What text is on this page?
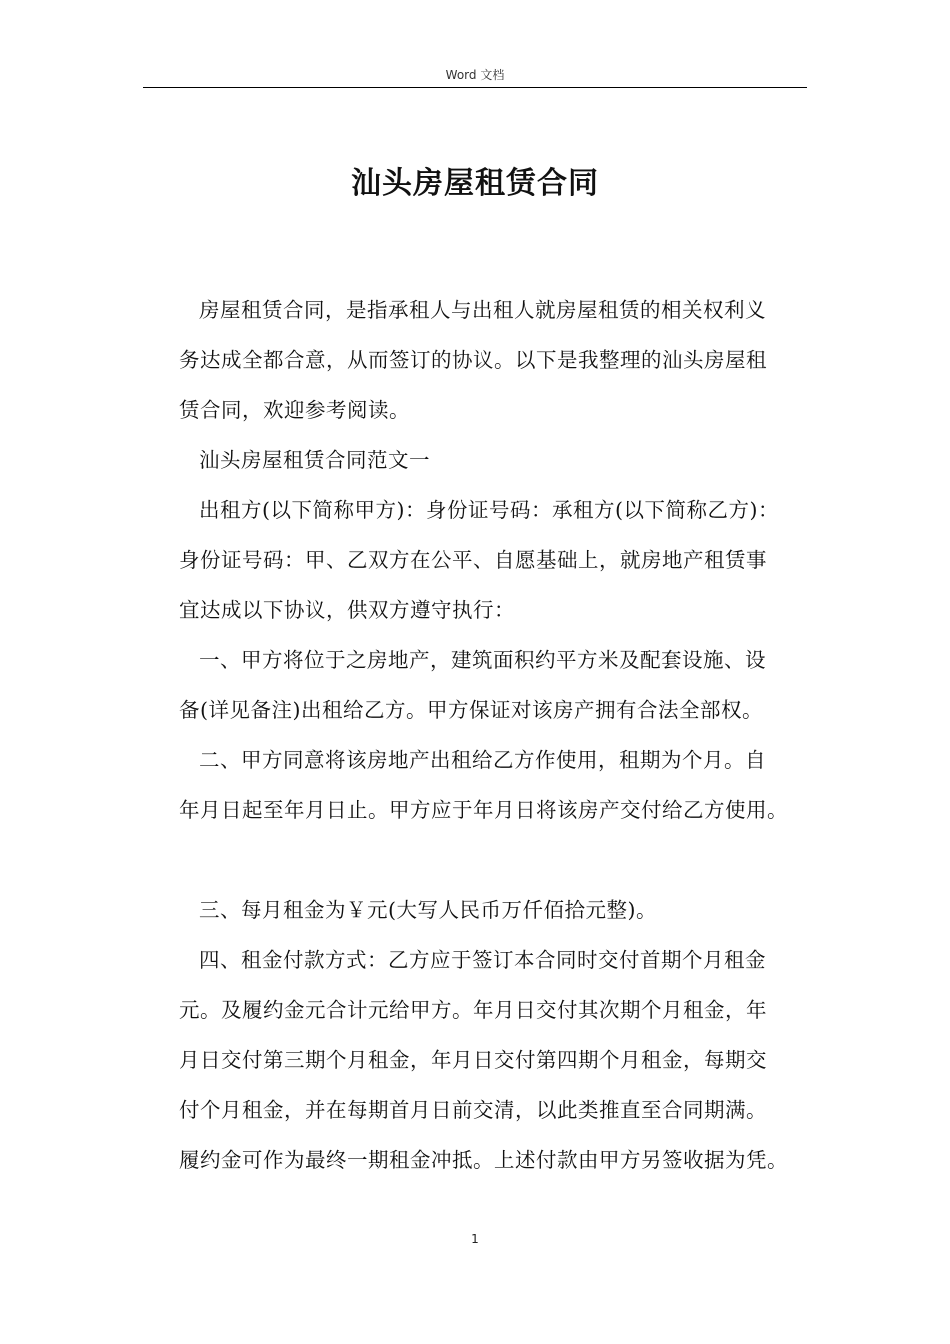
Word 文档
汕头房屋租赁合同
房屋租赁合同，是指承租人与出租人就房屋租赁的相关权利义
务达成全都合意，从而签订的协议。以下是我整理的汕头房屋租
赁合同，欢迎参考阅读。
汕头房屋租赁合同范文一
出租方(以下简称甲方)：身份证号码：承租方(以下简称乙方)：
身份证号码：甲、乙双方在公平、自愿基础上，就房地产租赁事
宜达成以下协议，供双方遵守执行：
一、甲方将位于之房地产，建筑面积约平方米及配套设施、设
备(详见备注)出租给乙方。甲方保证对该房产拥有合法全部权。
二、甲方同意将该房地产出租给乙方作使用，租期为个月。自
年月日起至年月日止。甲方应于年月日将该房产交付给乙方使用。
三、每月租金为￥元(大写人民币万仟佰拾元整)。
四、租金付款方式：乙方应于签订本合同时交付首期个月租金
元。及履约金元合计元给甲方。年月日交付其次期个月租金，年
月日交付第三期个月租金，年月日交付第四期个月租金，每期交
付个月租金，并在每期首月日前交清，以此类推直至合同期满。
履约金可作为最终一期租金冲抵。上述付款由甲方另签收据为凭。
1
